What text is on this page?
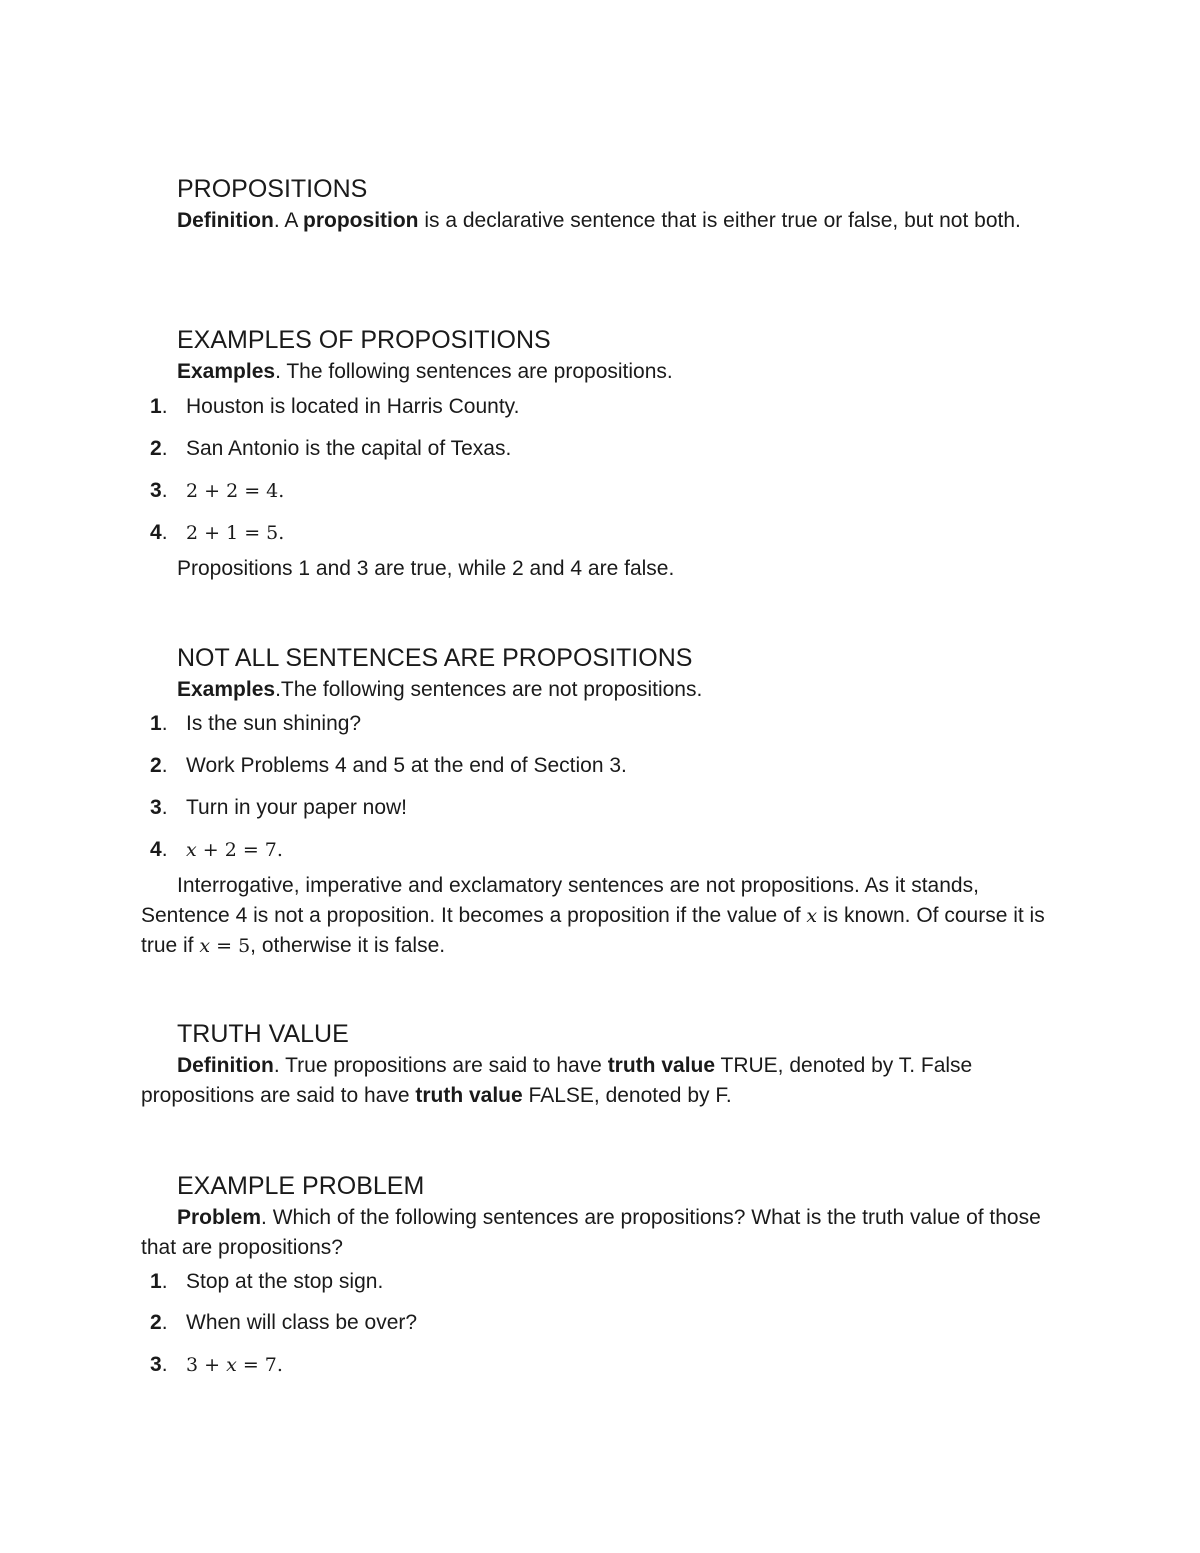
PROPOSITIONS
Definition. A proposition is a declarative sentence that is either true or false, but not both.
EXAMPLES OF PROPOSITIONS
Examples. The following sentences are propositions.
1. Houston is located in Harris County.
2. San Antonio is the capital of Texas.
3. 2 + 2 = 4.
4. 2 + 1 = 5.
Propositions 1 and 3 are true, while 2 and 4 are false.
NOT ALL SENTENCES ARE PROPOSITIONS
Examples.The following sentences are not propositions.
1. Is the sun shining?
2. Work Problems 4 and 5 at the end of Section 3.
3. Turn in your paper now!
4. x + 2 = 7.
Interrogative, imperative and exclamatory sentences are not propositions. As it stands, Sentence 4 is not a proposition. It becomes a proposition if the value of x is known. Of course it is true if x = 5, otherwise it is false.
TRUTH VALUE
Definition. True propositions are said to have truth value TRUE, denoted by T. False propositions are said to have truth value FALSE, denoted by F.
EXAMPLE PROBLEM
Problem. Which of the following sentences are propositions? What is the truth value of those that are propositions?
1. Stop at the stop sign.
2. When will class be over?
3. 3 + x = 7.
